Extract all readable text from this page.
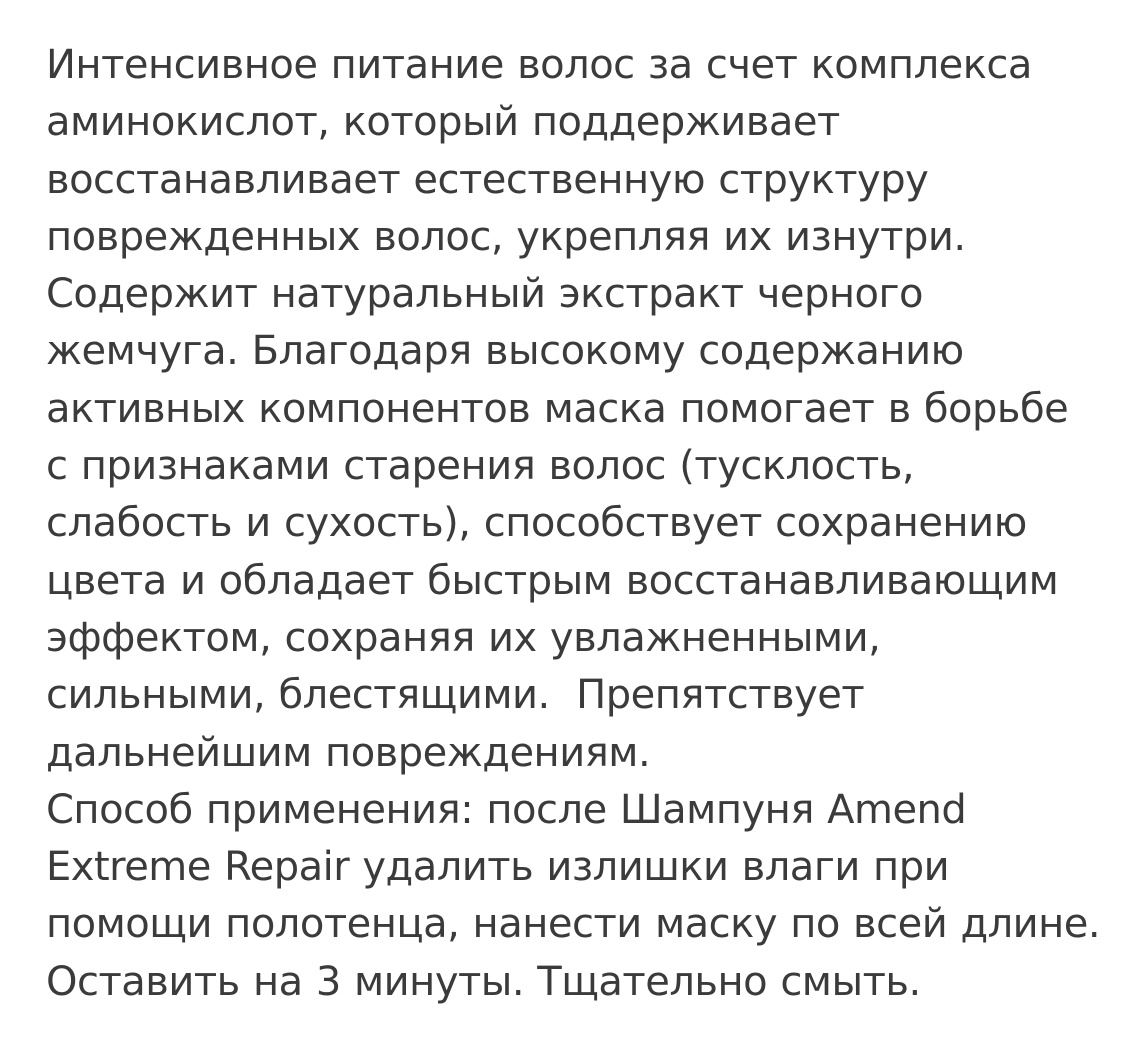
Интенсивное питание волос за счет комплекса
аминокислот, который поддерживает
восстанавливает естественную структуру
поврежденных волос, укрепляя их изнутри.
Содержит натуральный экстракт черного
жемчуга. Благодаря высокому содержанию
активных компонентов маска помогает в борьбе
с признаками старения волос (тусклость,
слабость и сухость), способствует сохранению
цвета и обладает быстрым восстанавливающим
эффектом, сохраняя их увлажненными,
сильными, блестящими.  Препятствует
дальнейшим повреждениям.
Способ применения: после Шампуня Amend
Extreme Repair удалить излишки влаги при
помощи полотенца, нанести маску по всей длине.
Оставить на 3 минуты. Тщательно смыть.
